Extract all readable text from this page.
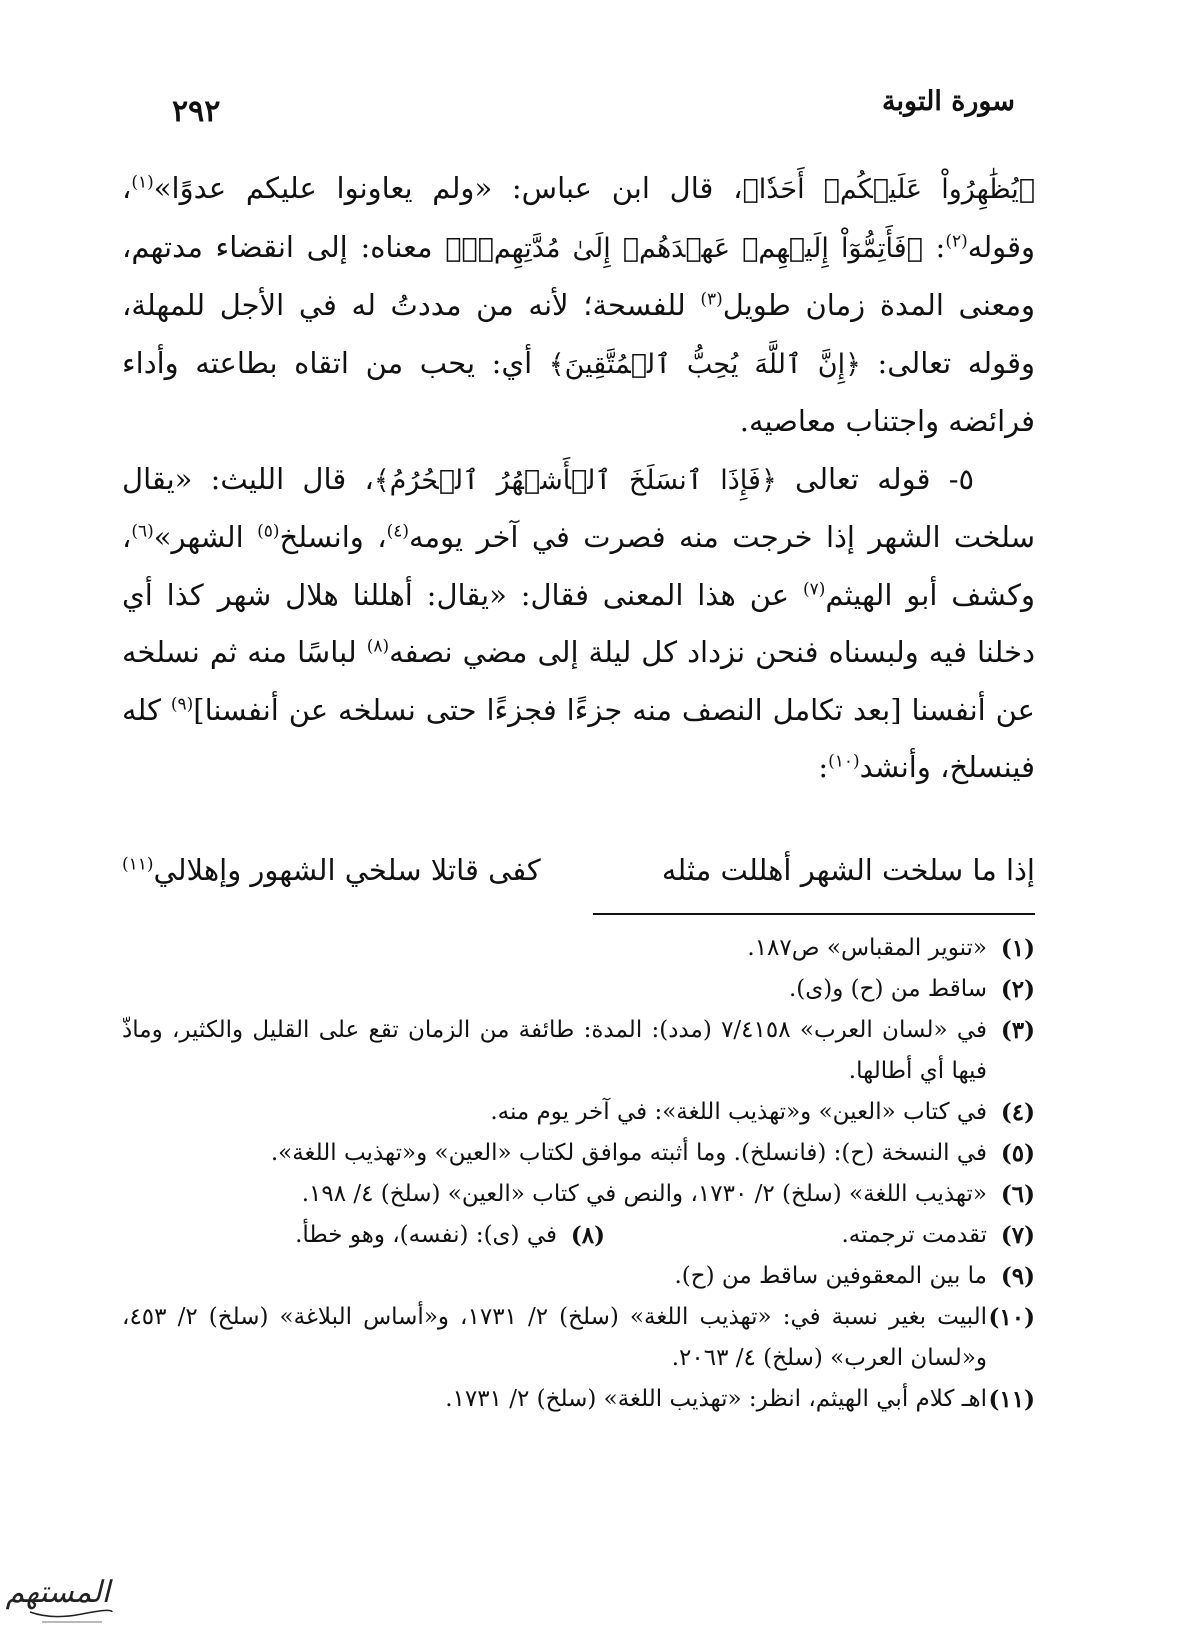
سورة التوبة
٢٩٢

﴿يُظَٰهِرُواْ عَلَيۡكُمۡ أَحَدٗا﴾، قال ابن عباس: «ولم يعاونوا عليكم عدوًا»$^{(١)}$، وقوله$^{(٢)}$: ﴿فَأَتِمُّوٓاْ إِلَيۡهِمۡ عَهۡدَهُمۡ إِلَىٰ مُدَّتِهِمۡۚ﴾ معناه: إلى انقضاء مدتهم، ومعنى المدة زمان طويل$^{(٣)}$ للفسحة؛ لأنه من مددتُ له في الأجل للمهلة، وقوله تعالى: ﴿إِنَّ ٱللَّهَ يُحِبُّ ٱلۡمُتَّقِينَ﴾ أي: يحب من اتقاه بطاعته وأداء فرائضه واجتناب معاصيه.

٥- قوله تعالى ﴿فَإِذَا ٱنسَلَخَ ٱلۡأَشۡهُرُ ٱلۡحُرُمُ﴾، قال الليث: «يقال سلخت الشهر إذا خرجت منه فصرت في آخر يومه$^{(٤)}$، وانسلخ$^{(٥)}$ الشهر»$^{(٦)}$، وكشف أبو الهيثم$^{(٧)}$ عن هذا المعنى فقال: «يقال: أهللنا هلال شهر كذا أي دخلنا فيه ولبسناه فنحن نزداد كل ليلة إلى مضي نصفه$^{(٨)}$ لباسًا منه ثم نسلخه عن أنفسنا [بعد تكامل النصف منه جزءًا فجزءًا حتى نسلخه عن أنفسنا]$^{(٩)}$ كله فينسلخ، وأنشد$^{(١٠)}$:

إذا ما سلخت الشهر أهللت مثله
كفى قاتلا سلخي الشهور وإهلالي$^{(١١)}$
(١)
«تنوير المقباس» ص١٨٧.
(٢)
ساقط من (ح) و(ى).
(٣)
في «لسان العرب» ٧/٤١٥٨ (مدد): المدة: طائفة من الزمان تقع على القليل والكثير، وماذّ فيها أي أطالها.
(٤)
في كتاب «العين» و«تهذيب اللغة»: في آخر يوم منه.
(٥)
في النسخة (ح): (فانسلخ). وما أثبته موافق لكتاب «العين» و«تهذيب اللغة».
(٦)
«تهذيب اللغة» (سلخ) ٢/ ١٧٣٠، والنص في كتاب «العين» (سلخ) ٤/ ١٩٨.
(٧)
تقدمت ترجمته.
(٨)
في (ى): (نفسه)، وهو خطأ.
(٩)
ما بين المعقوفين ساقط من (ح).
(١٠)
البيت بغير نسبة في: «تهذيب اللغة» (سلخ) ٢/ ١٧٣١، و«أساس البلاغة» (سلخ) ٢/ ٤٥٣، و«لسان العرب» (سلخ) ٤/ ٢٠٦٣.
(١١)
اهـ كلام أبي الهيثم، انظر: «تهذيب اللغة» (سلخ) ٢/ ١٧٣١.
المستهم
